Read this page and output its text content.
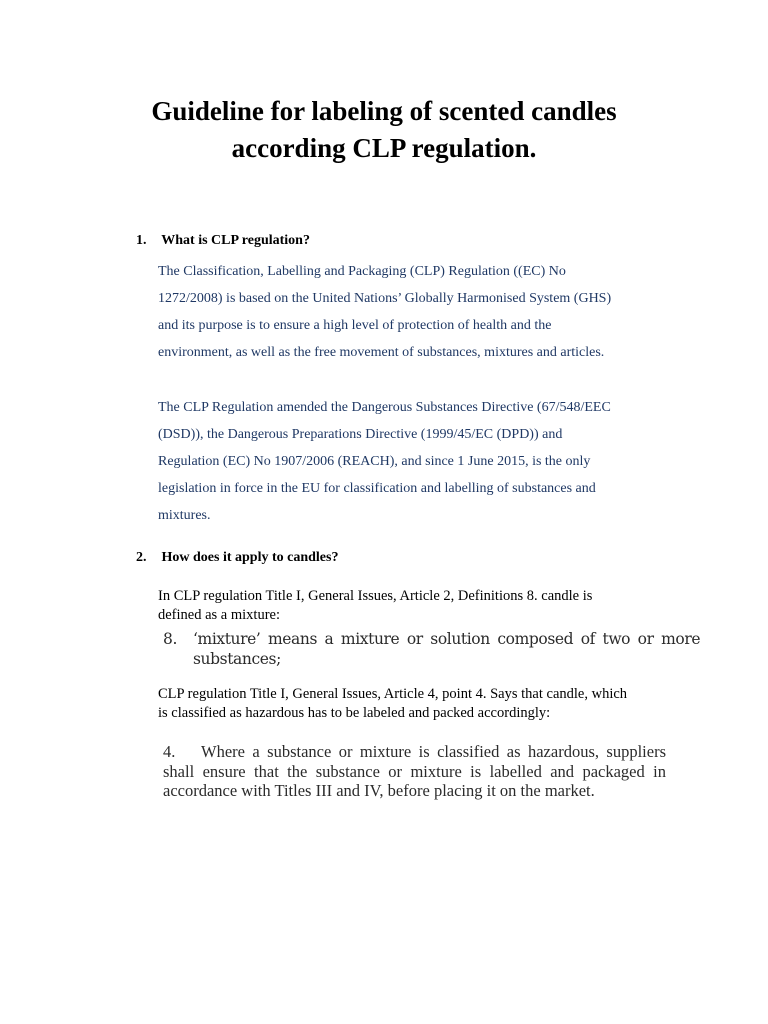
Guideline for labeling of scented candles
according CLP regulation.
1. What is CLP regulation?
The Classification, Labelling and Packaging (CLP) Regulation ((EC) No
1272/2008) is based on the United Nations’ Globally Harmonised System (GHS)
and its purpose is to ensure a high level of protection of health and the
environment, as well as the free movement of substances, mixtures and articles.
The CLP Regulation amended the Dangerous Substances Directive (67/548/EEC
(DSD)), the Dangerous Preparations Directive (1999/45/EC (DPD)) and
Regulation (EC) No 1907/2006 (REACH), and since 1 June 2015, is the only
legislation in force in the EU for classification and labelling of substances and
mixtures.
2. How does it apply to candles?
In CLP regulation Title I, General Issues, Article 2, Definitions 8. candle is
defined as a mixture:
8. ‘mixture’ means a mixture or solution composed of two or more
substances;
CLP regulation Title I, General Issues, Article 4, point 4. Says that candle, which
is classified as hazardous has to be labeled and packed accordingly:
4. Where a substance or mixture is classified as hazardous, suppliers
shall ensure that the substance or mixture is labelled and packaged in
accordance with Titles III and IV, before placing it on the market.
